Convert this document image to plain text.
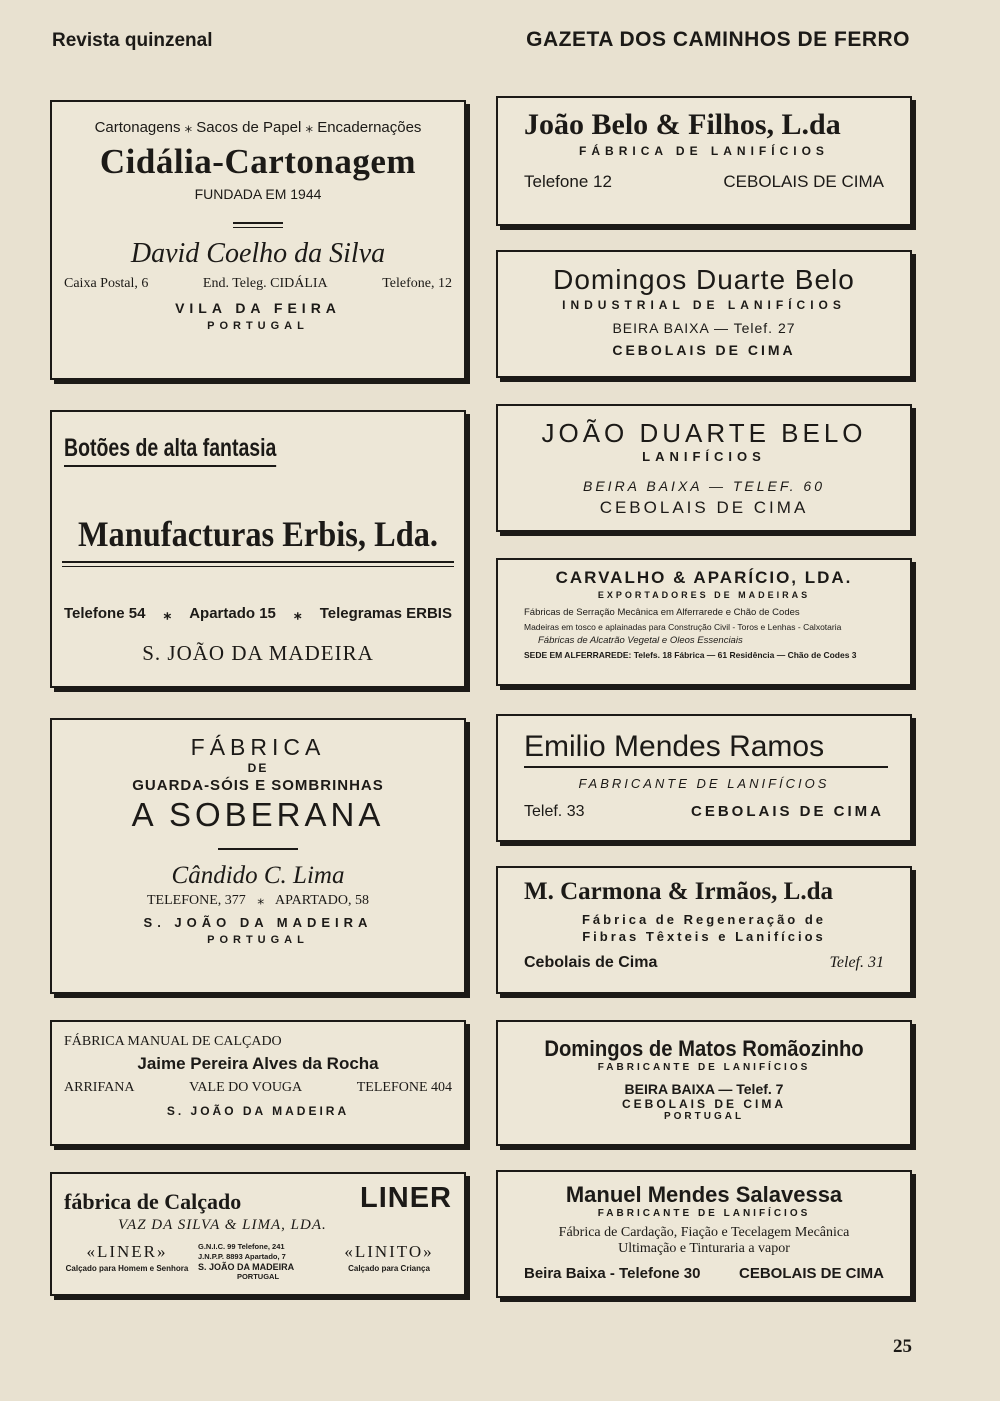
Revista quinzenal	GAZETA DOS CAMINHOS DE FERRO
Cartonagens ⁎ Sacos de Papel ⁎ Encadernações
Cidália-Cartonagem
FUNDADA EM 1944
David Coelho da Silva
Caixa Postal, 6	End. Teleg. CIDÁLIA	Telefone, 12
VILA DA FEIRA
PORTUGAL
Botões de alta fantasia
Manufacturas Erbis, Lda.
Telefone 54 ⁎ Apartado 15 ⁎ Telegramas ERBIS
S. JOÃO DA MADEIRA
FÁBRICA
DE
GUARDA-SÓIS E SOMBRINHAS
A SOBERANA
Cândido C. Lima
TELEFONE, 377 ⁎ APARTADO, 58
S. JOÃO DA MADEIRA
PORTUGAL
FÁBRICA MANUAL DE CALÇADO
Jaime Pereira Alves da Rocha
ARRIFANA	VALE DO VOUGA	TELEFONE 404
S. JOÃO DA MADEIRA
fábrica de Calçado	LINER
VAZ DA SILVA & LIMA, LDA.
«LINER»
Calçado para Homem e Senhora
G.N.I.C. 99 Telefone, 241
J.N.P.P. 8893 Apartado, 7
S. JOÃO DA MADEIRA
PORTUGAL
«LINITO»
Calçado para Criança
João Belo & Filhos, L.da
FÁBRICA DE LANIFÍCIOS
Telefone 12	CEBOLAIS DE CIMA
Domingos Duarte Belo
INDUSTRIAL DE LANIFÍCIOS
BEIRA BAIXA — Telef. 27
CEBOLAIS DE CIMA
JOÃO DUARTE BELO
LANIFÍCIOS
BEIRA BAIXA — TELEF. 60
CEBOLAIS DE CIMA
CARVALHO & APARÍCIO, LDA.
EXPORTADORES DE MADEIRAS
Fábricas de Serração Mecânica em Alferrarede e Chão de Codes
Madeiras em tosco e aplainadas para Construção Civil - Toros e Lenhas - Calxotaria
Fábricas de Alcatrão Vegetal e Oleos Essenciais
SEDE EM ALFERRAREDE: Telefs. 18 Fábrica — 61 Residência — Chão de Codes 3
Emilio Mendes Ramos
FABRICANTE DE LANIFÍCIOS
Telef. 33	CEBOLAIS DE CIMA
M. Carmona & Irmãos, L.da
Fábrica de Regeneração de
Fibras Têxteis e Lanifícios
Cebolais de Cima	Telef. 31
Domingos de Matos Romãozinho
FABRICANTE DE LANIFÍCIOS
BEIRA BAIXA — Telef. 7
CEBOLAIS DE CIMA
PORTUGAL
Manuel Mendes Salavessa
FABRICANTE DE LANIFÍCIOS
Fábrica de Cardação, Fiação e Tecelagem Mecânica
Ultimação e Tinturaria a vapor
Beira Baixa - Telefone 30	CEBOLAIS DE CIMA
25
